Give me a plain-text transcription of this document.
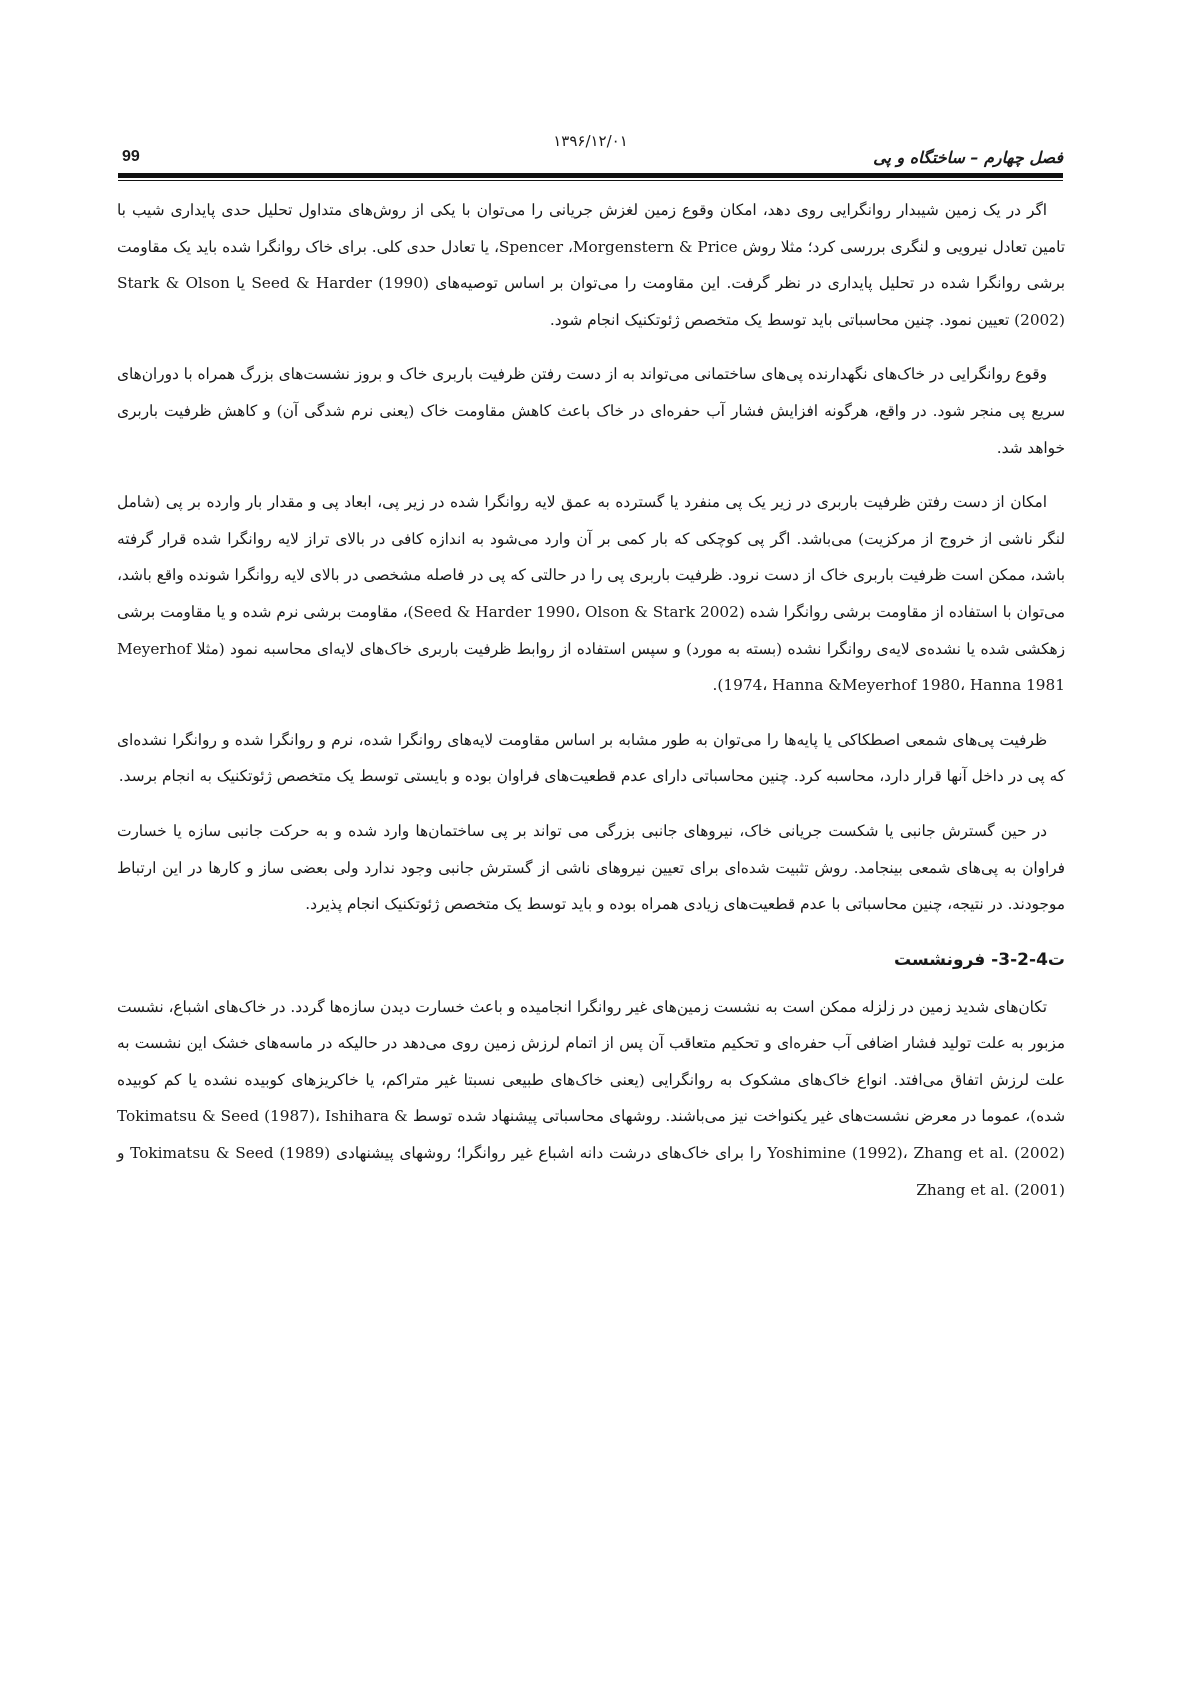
۱۳۹۶/۱۲/۰۱
فصل چهارم – ساختگاه و پی
99

اگر در یک زمین شیبدار روانگرایی روی دهد، امکان وقوع زمین لغزش جریانی را می‌توان با یکی از روش‌های متداول تحلیل حدی پایداری شیب با تامین تعادل نیرویی و لنگری بررسی کرد؛ مثلا روش Spencer ،Morgenstern & Price، یا تعادل حدی کلی. برای خاک روانگرا شده باید یک مقاومت برشی روانگرا شده در تحلیل پایداری در نظر گرفت. این مقاومت را می‌توان بر اساس توصیه‌های Seed & Harder (1990) یا Stark & Olson (2002) تعیین نمود. چنین محاسباتی باید توسط یک متخصص ژئوتکنیک انجام شود.

وقوع روانگرایی در خاک‌های نگهدارنده پی‌های ساختمانی می‌تواند به از دست رفتن ظرفیت باربری خاک و بروز نشست‌های بزرگ همراه با دوران‌های سریع پی منجر شود. در واقع، هرگونه افزایش فشار آب حفره‌ای در خاک باعث کاهش مقاومت خاک (یعنی نرم شدگی آن) و کاهش ظرفیت باربری خواهد شد.

امکان از دست رفتن ظرفیت باربری در زیر یک پی منفرد یا گسترده به عمق لایه روانگرا شده در زیر پی، ابعاد پی و مقدار بار وارده بر پی (شامل لنگر ناشی از خروج از مرکزیت) می‌باشد. اگر پی کوچکی که بار کمی بر آن وارد می‌شود به اندازه کافی در بالای تراز لایه روانگرا شده قرار گرفته باشد، ممکن است ظرفیت باربری خاک از دست نرود. ظرفیت باربری پی را در حالتی که پی در فاصله مشخصی در بالای لایه روانگرا شونده واقع باشد، می‌توان با استفاده از مقاومت برشی روانگرا شده (Seed & Harder 1990، Olson & Stark 2002)، مقاومت برشی نرم شده و یا مقاومت برشی زهکشی شده یا نشده‌ی لایه‌ی روانگرا نشده (بسته به مورد) و سپس استفاده از روابط ظرفیت باربری خاک‌های لایه‌ای محاسبه نمود (مثلا Meyerhof 1974، Hanna &Meyerhof 1980، Hanna 1981).

ظرفیت پی‌های شمعی اصطکاکی یا پایه‌ها را می‌توان به طور مشابه بر اساس مقاومت لایه‌های روانگرا شده، نرم و روانگرا شده و روانگرا نشده‌ای که پی در داخل آنها قرار دارد، محاسبه کرد. چنین محاسباتی دارای عدم قطعیت‌های فراوان بوده و بایستی توسط یک متخصص ژئوتکنیک به انجام برسد.

در حین گسترش جانبی یا شکست جریانی خاک، نیروهای جانبی بزرگی می تواند بر پی ساختمان‌ها وارد شده و به حرکت جانبی سازه یا خسارت فراوان به پی‌های شمعی بینجامد. روش تثبیت شده‌ای برای تعیین نیروهای ناشی از گسترش جانبی وجود ندارد ولی بعضی ساز و کارها در این ارتباط موجودند. در نتیجه، چنین محاسباتی با عدم قطعیت‌های زیادی همراه بوده و باید توسط یک متخصص ژئوتکنیک انجام پذیرد.

ت4-2-3- فرونشست

تکان‌های شدید زمین در زلزله ممکن است به نشست زمین‌های غیر روانگرا انجامیده و باعث خسارت دیدن سازه‌ها گردد. در خاک‌های اشباع، نشست مزبور به علت تولید فشار اضافی آب حفره‌ای و تحکیم متعاقب آن پس از اتمام لرزش زمین روی می‌دهد در حالیکه در ماسه‌های خشک این نشست به علت لرزش اتفاق می‌افتد. انواع خاک‌های مشکوک به روانگرایی (یعنی خاک‌های طبیعی نسبتا غیر متراکم، یا خاکریزهای کوبیده نشده یا کم کوبیده شده)، عموما در معرض نشست‌های غیر یکنواخت نیز می‌باشند. روشهای محاسباتی پیشنهاد شده توسط Tokimatsu & Seed (1987)، Ishihara & Yoshimine (1992)، Zhang et al. (2002) را برای خاک‌های درشت دانه اشباع غیر روانگرا؛ روشهای پیشنهادی Tokimatsu & Seed (1989) و Zhang et al. (2001)
